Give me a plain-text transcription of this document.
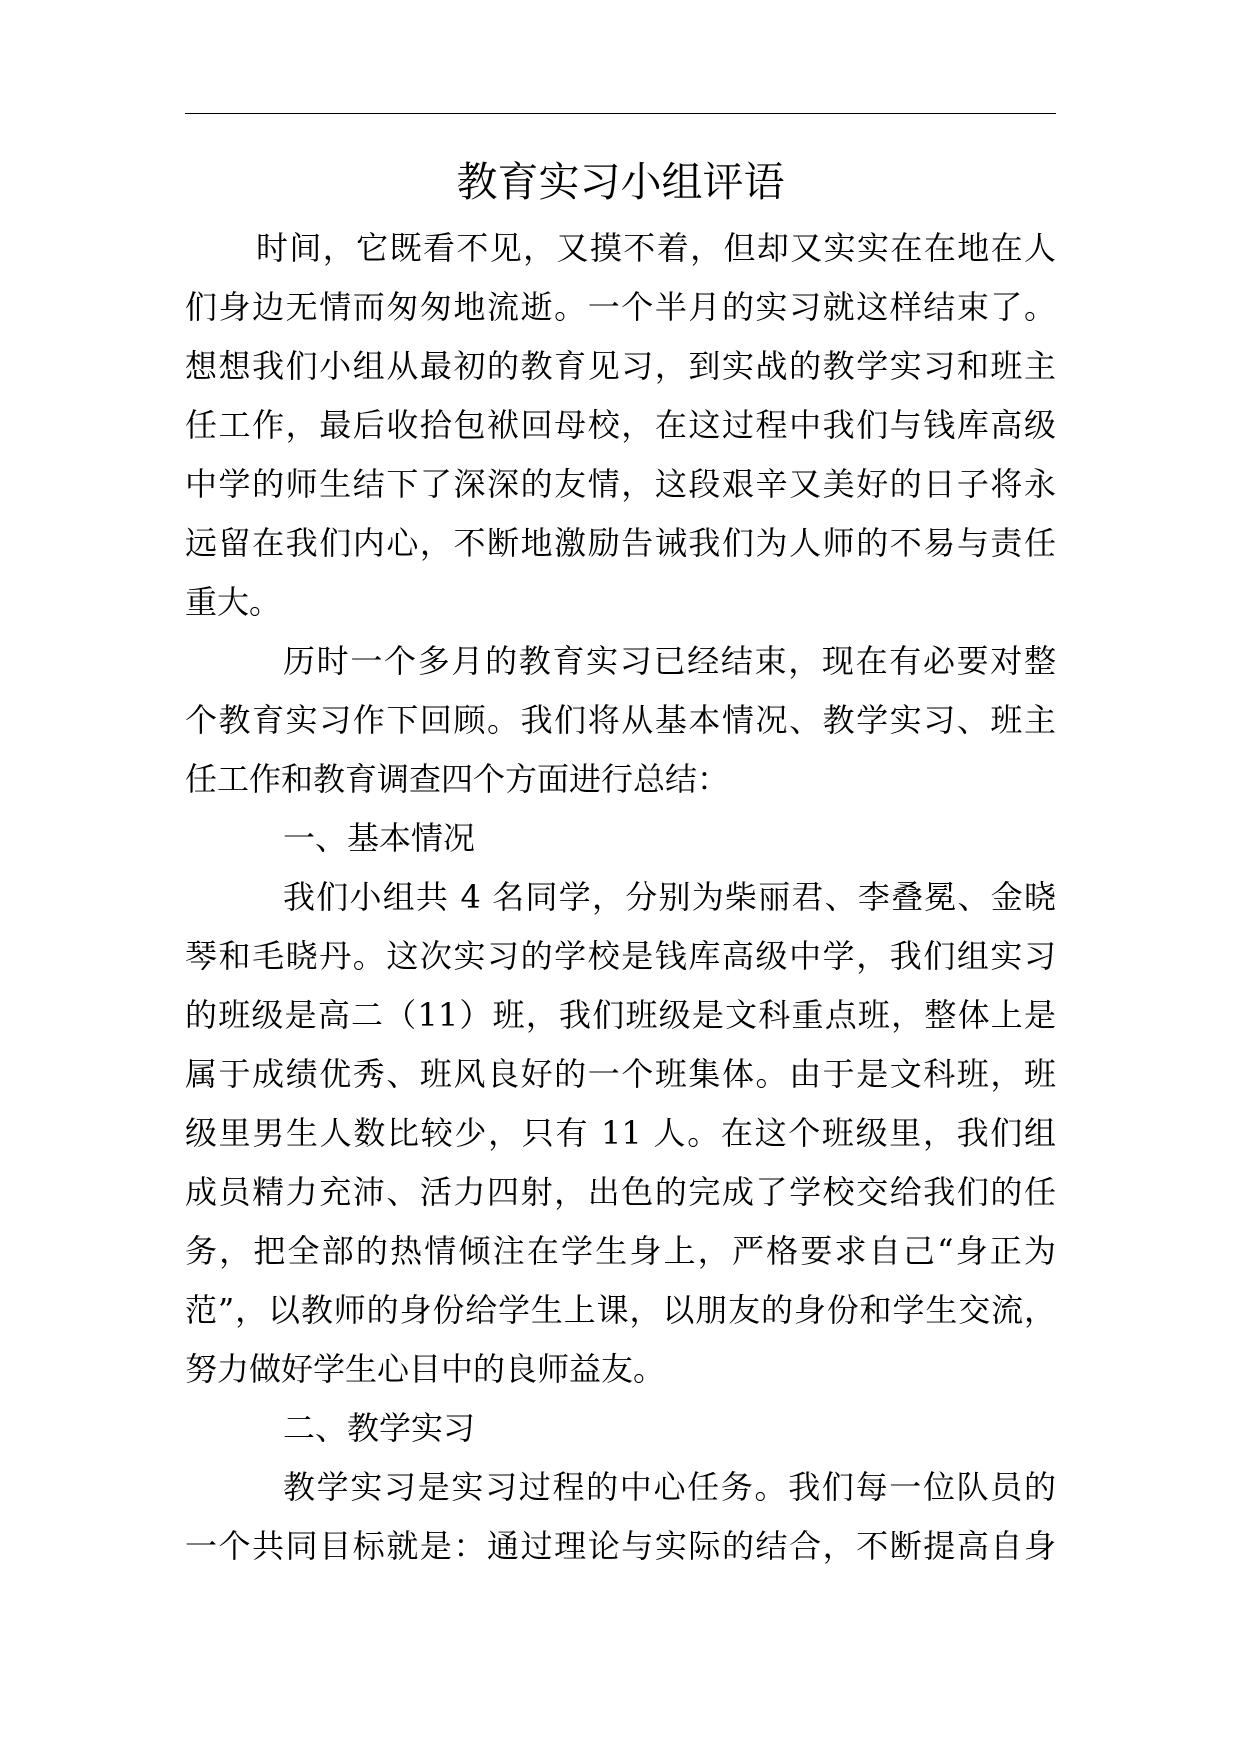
教育实习小组评语
时间，它既看不见，又摸不着，但却又实实在在地在人
们身边无情而匆匆地流逝。一个半月的实习就这样结束了。
想想我们小组从最初的教育见习，到实战的教学实习和班主
任工作，最后收拾包袱回母校，在这过程中我们与钱库高级
中学的师生结下了深深的友情，这段艰辛又美好的日子将永
远留在我们内心，不断地激励告诫我们为人师的不易与责任
重大。
历时一个多月的教育实习已经结束，现在有必要对整
个教育实习作下回顾。我们将从基本情况、教学实习、班主
任工作和教育调查四个方面进行总结：
一、基本情况
我们小组共 4 名同学，分别为柴丽君、李叠冕、金晓
琴和毛晓丹。这次实习的学校是钱库高级中学，我们组实习
的班级是高二（11）班，我们班级是文科重点班，整体上是
属于成绩优秀、班风良好的一个班集体。由于是文科班，班
级里男生人数比较少，只有 11 人。在这个班级里，我们组
成员精力充沛、活力四射，出色的完成了学校交给我们的任
务，把全部的热情倾注在学生身上，严格要求自己“身正为
范”，以教师的身份给学生上课，以朋友的身份和学生交流，
努力做好学生心目中的良师益友。
二、教学实习
教学实习是实习过程的中心任务。我们每一位队员的
一个共同目标就是：通过理论与实际的结合，不断提高自身
